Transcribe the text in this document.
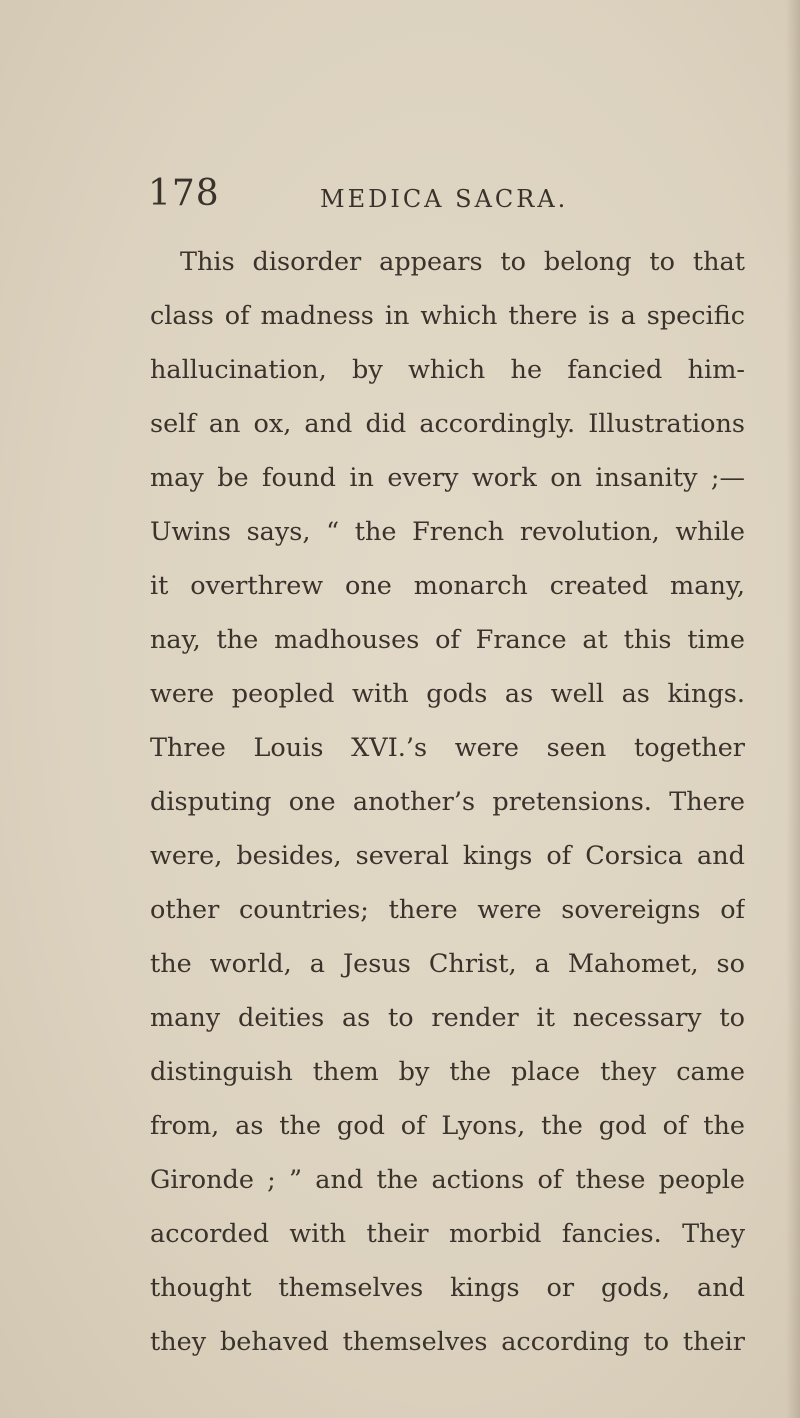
178	MEDICA SACRA.
This disorder appears to belong to that
class of madness in which there is a specific
hallucination, by which he fancied him-
self an ox, and did accordingly. Illustrations
may be found in every work on insanity ;—
Uwins says, “ the French revolution, while
it overthrew one monarch created many,
nay, the madhouses of France at this time
were peopled with gods as well as kings.
Three Louis XVI.’s were seen together
disputing one another’s pretensions. There
were, besides, several kings of Corsica and
other countries; there were sovereigns of
the world, a Jesus Christ, a Mahomet, so
many deities as to render it necessary to
distinguish them by the place they came
from, as the god of Lyons, the god of the
Gironde ; ” and the actions of these people
accorded with their morbid fancies. They
thought themselves kings or gods, and
they behaved themselves according to their
